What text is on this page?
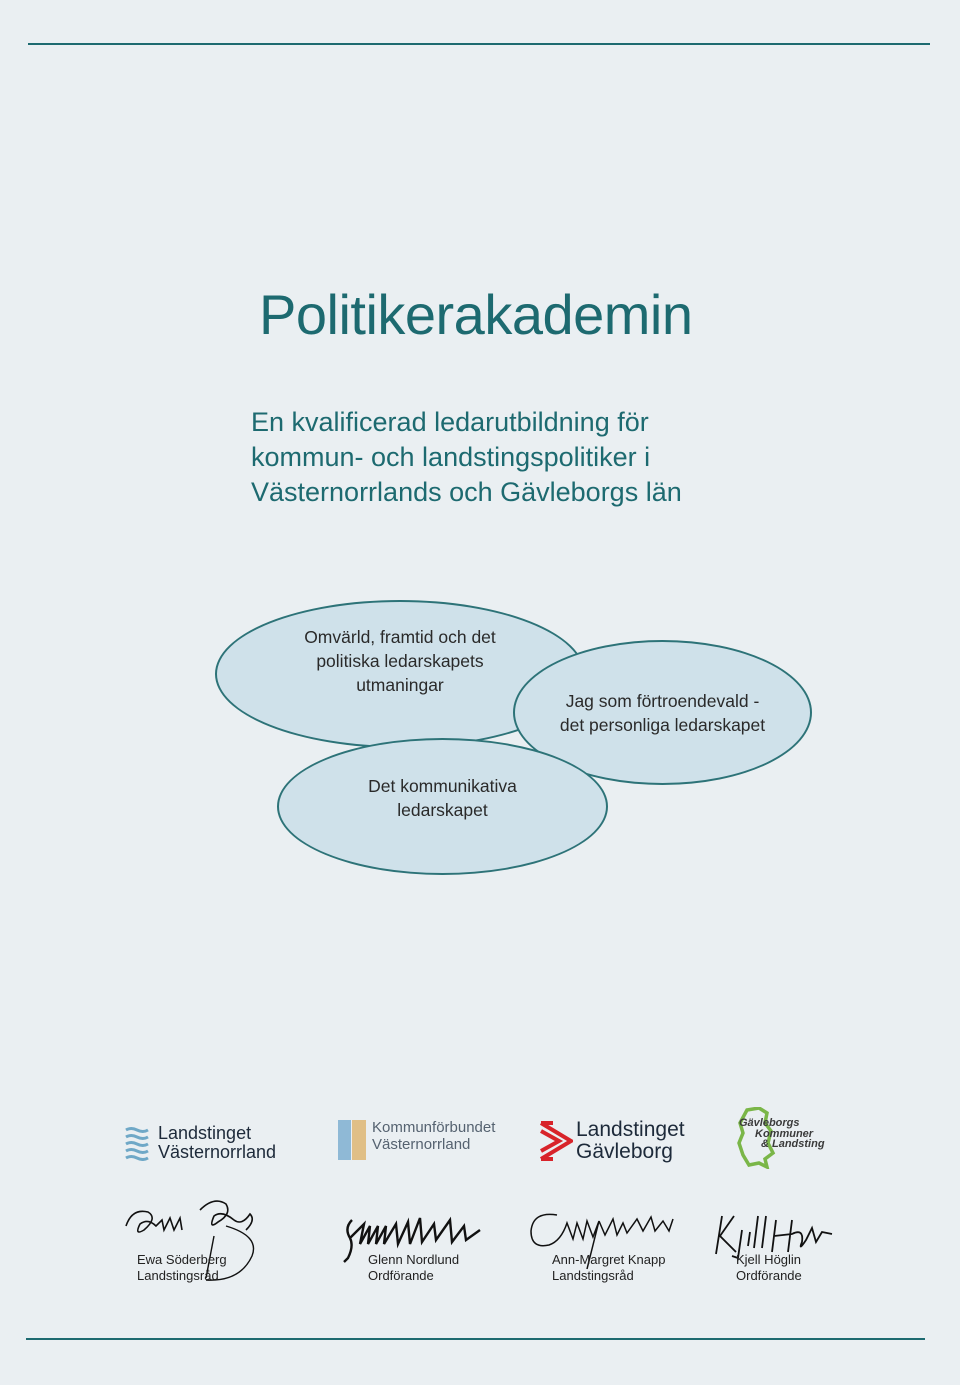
Politikerakademin
En kvalificerad ledarutbildning för
kommun- och landstingspolitiker i
Västernorrlands och Gävleborgs län
Omvärld, framtid och det
politiska ledarskapets
utmaningar
Jag som förtroendevald -
det personliga ledarskapet
Det kommunikativa
ledarskapet
Landstinget
Västernorrland
Kommunförbundet
Västernorrland
Landstinget
Gävleborg
Gävleborgs
Kommuner
& Landsting
Ewa Söderberg
Landstingsråd
Glenn Nordlund
Ordförande
Ann-Margret Knapp
Landstingsråd
Kjell Höglin
Ordförande
